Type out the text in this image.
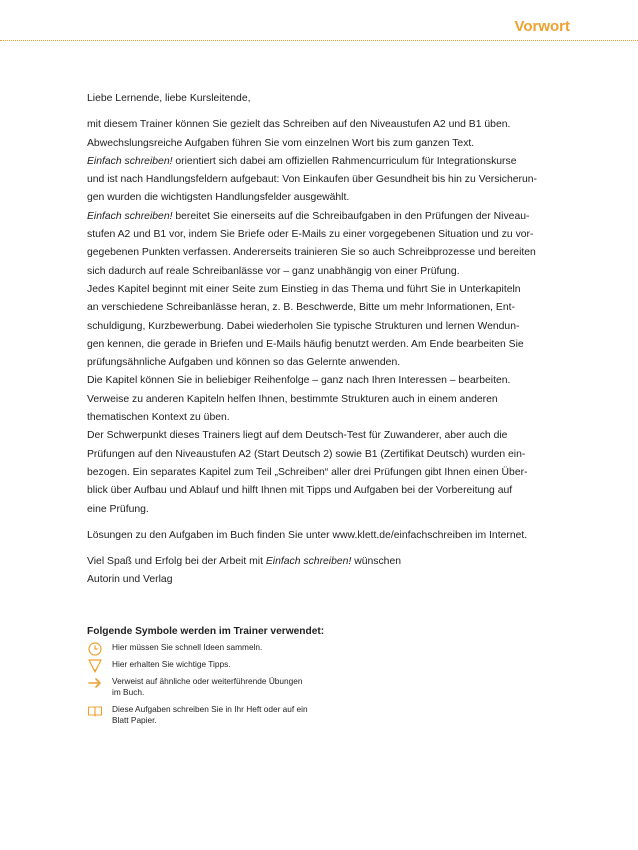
Vorwort

Liebe Lernende, liebe Kursleitende,

mit diesem Trainer können Sie gezielt das Schreiben auf den Niveaustufen A2 und B1 üben.

Abwechslungsreiche Aufgaben führen Sie vom einzelnen Wort bis zum ganzen Text.

Einfach schreiben! orientiert sich dabei am offiziellen Rahmencurriculum für Integrationskurse

und ist nach Handlungsfeldern aufgebaut: Von Einkaufen über Gesundheit bis hin zu Versicherun-

gen wurden die wichtigsten Handlungsfelder ausgewählt.

Einfach schreiben! bereitet Sie einerseits auf die Schreibaufgaben in den Prüfungen der Niveau-

stufen A2 und B1 vor, indem Sie Briefe oder E-Mails zu einer vorgegebenen Situation und zu vor-

gegebenen Punkten verfassen. Andererseits trainieren Sie so auch Schreibprozesse und bereiten

sich dadurch auf reale Schreibanlässe vor – ganz unabhängig von einer Prüfung.

Jedes Kapitel beginnt mit einer Seite zum Einstieg in das Thema und führt Sie in Unterkapiteln

an verschiedene Schreibanlässe heran, z. B. Beschwerde, Bitte um mehr Informationen, Ent-

schuldigung, Kurzbewerbung. Dabei wiederholen Sie typische Strukturen und lernen Wendun-

gen kennen, die gerade in Briefen und E-Mails häufig benutzt werden. Am Ende bearbeiten Sie

prüfungsähnliche Aufgaben und können so das Gelernte anwenden.

Die Kapitel können Sie in beliebiger Reihenfolge – ganz nach Ihren Interessen – bearbeiten.

Verweise zu anderen Kapiteln helfen Ihnen, bestimmte Strukturen auch in einem anderen

thematischen Kontext zu üben.

Der Schwerpunkt dieses Trainers liegt auf dem Deutsch-Test für Zuwanderer, aber auch die

Prüfungen auf den Niveaustufen A2 (Start Deutsch 2) sowie B1 (Zertifikat Deutsch) wurden ein-

bezogen. Ein separates Kapitel zum Teil „Schreiben“ aller drei Prüfungen gibt Ihnen einen Über-

blick über Aufbau und Ablauf und hilft Ihnen mit Tipps und Aufgaben bei der Vorbereitung auf

eine Prüfung.

Lösungen zu den Aufgaben im Buch finden Sie unter www.klett.de/einfachschreiben im Internet.

Viel Spaß und Erfolg bei der Arbeit mit Einfach schreiben! wünschen

Autorin und Verlag

Folgende Symbole werden im Trainer verwendet:
Hier müssen Sie schnell Ideen sammeln.
Hier erhalten Sie wichtige Tipps.
Verweist auf ähnliche oder weiterführende Übungen
im Buch.
Diese Aufgaben schreiben Sie in Ihr Heft oder auf ein
Blatt Papier.
